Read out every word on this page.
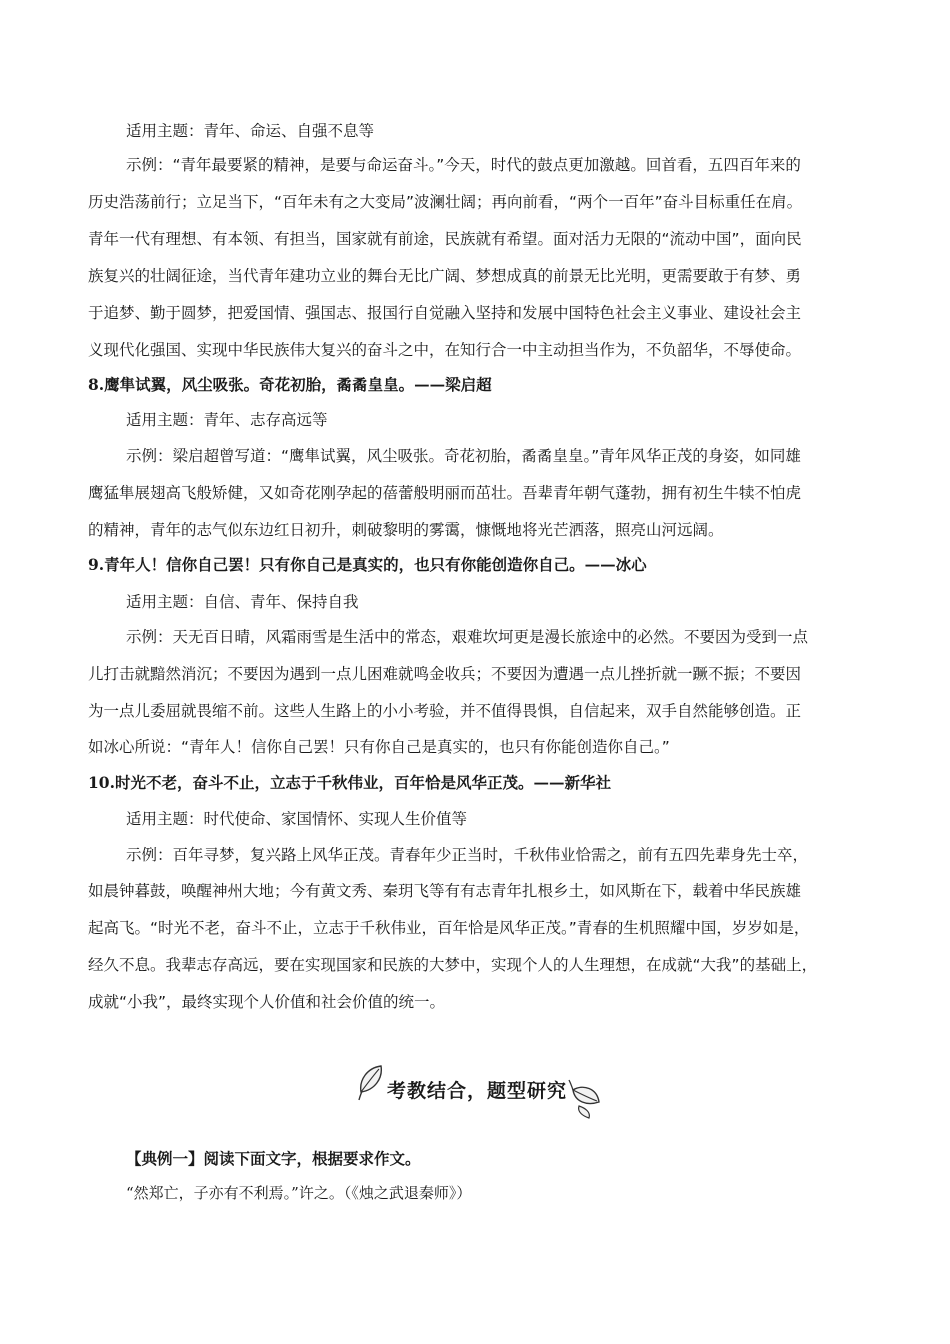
适用主题：青年、命运、自强不息等
示例：“青年最要紧的精神，是要与命运奋斗。”今天，时代的鼓点更加激越。回首看，五四百年来的
历史浩荡前行；立足当下，“百年未有之大变局”波澜壮阔；再向前看，“两个一百年”奋斗目标重任在肩。
青年一代有理想、有本领、有担当，国家就有前途，民族就有希望。面对活力无限的“流动中国”，面向民
族复兴的壮阔征途，当代青年建功立业的舞台无比广阔、梦想成真的前景无比光明，更需要敢于有梦、勇
于追梦、勤于圆梦，把爱国情、强国志、报国行自觉融入坚持和发展中国特色社会主义事业、建设社会主
义现代化强国、实现中华民族伟大复兴的奋斗之中，在知行合一中主动担当作为，不负韶华，不辱使命。
8.鹰隼试翼，风尘吸张。奇花初胎，矞矞皇皇。——梁启超
适用主题：青年、志存高远等
示例：梁启超曾写道：“鹰隼试翼，风尘吸张。奇花初胎，矞矞皇皇。”青年风华正茂的身姿，如同雄
鹰猛隼展翅高飞般矫健，又如奇花刚孕起的蓓蕾般明丽而茁壮。吾辈青年朝气蓬勃，拥有初生牛犊不怕虎
的精神，青年的志气似东边红日初升，刺破黎明的雾霭，慷慨地将光芒洒落，照亮山河远阔。
9.青年人！信你自己罢！只有你自己是真实的，也只有你能创造你自己。——冰心
适用主题：自信、青年、保持自我
示例：天无百日晴，风霜雨雪是生活中的常态，艰难坎坷更是漫长旅途中的必然。不要因为受到一点
儿打击就黯然消沉；不要因为遇到一点儿困难就鸣金收兵；不要因为遭遇一点儿挫折就一蹶不振；不要因
为一点儿委屈就畏缩不前。这些人生路上的小小考验，并不值得畏惧，自信起来，双手自然能够创造。正
如冰心所说：“青年人！信你自己罢！只有你自己是真实的，也只有你能创造你自己。”
10.时光不老，奋斗不止，立志于千秋伟业，百年恰是风华正茂。——新华社
适用主题：时代使命、家国情怀、实现人生价值等
示例：百年寻梦，复兴路上风华正茂。青春年少正当时，千秋伟业恰需之，前有五四先辈身先士卒，
如晨钟暮鼓，唤醒神州大地；今有黄文秀、秦玥飞等有有志青年扎根乡土，如风斯在下，载着中华民族雄
起高飞。“时光不老，奋斗不止，立志于千秋伟业，百年恰是风华正茂。”青春的生机照耀中国，岁岁如是，
经久不息。我辈志存高远，要在实现国家和民族的大梦中，实现个人的人生理想，在成就“大我”的基础上，
成就“小我”，最终实现个人价值和社会价值的统一。
考教结合，题型研究
【典例一】阅读下面文字，根据要求作文。
“然郑亡，子亦有不利焉。”许之。（《烛之武退秦师》）
